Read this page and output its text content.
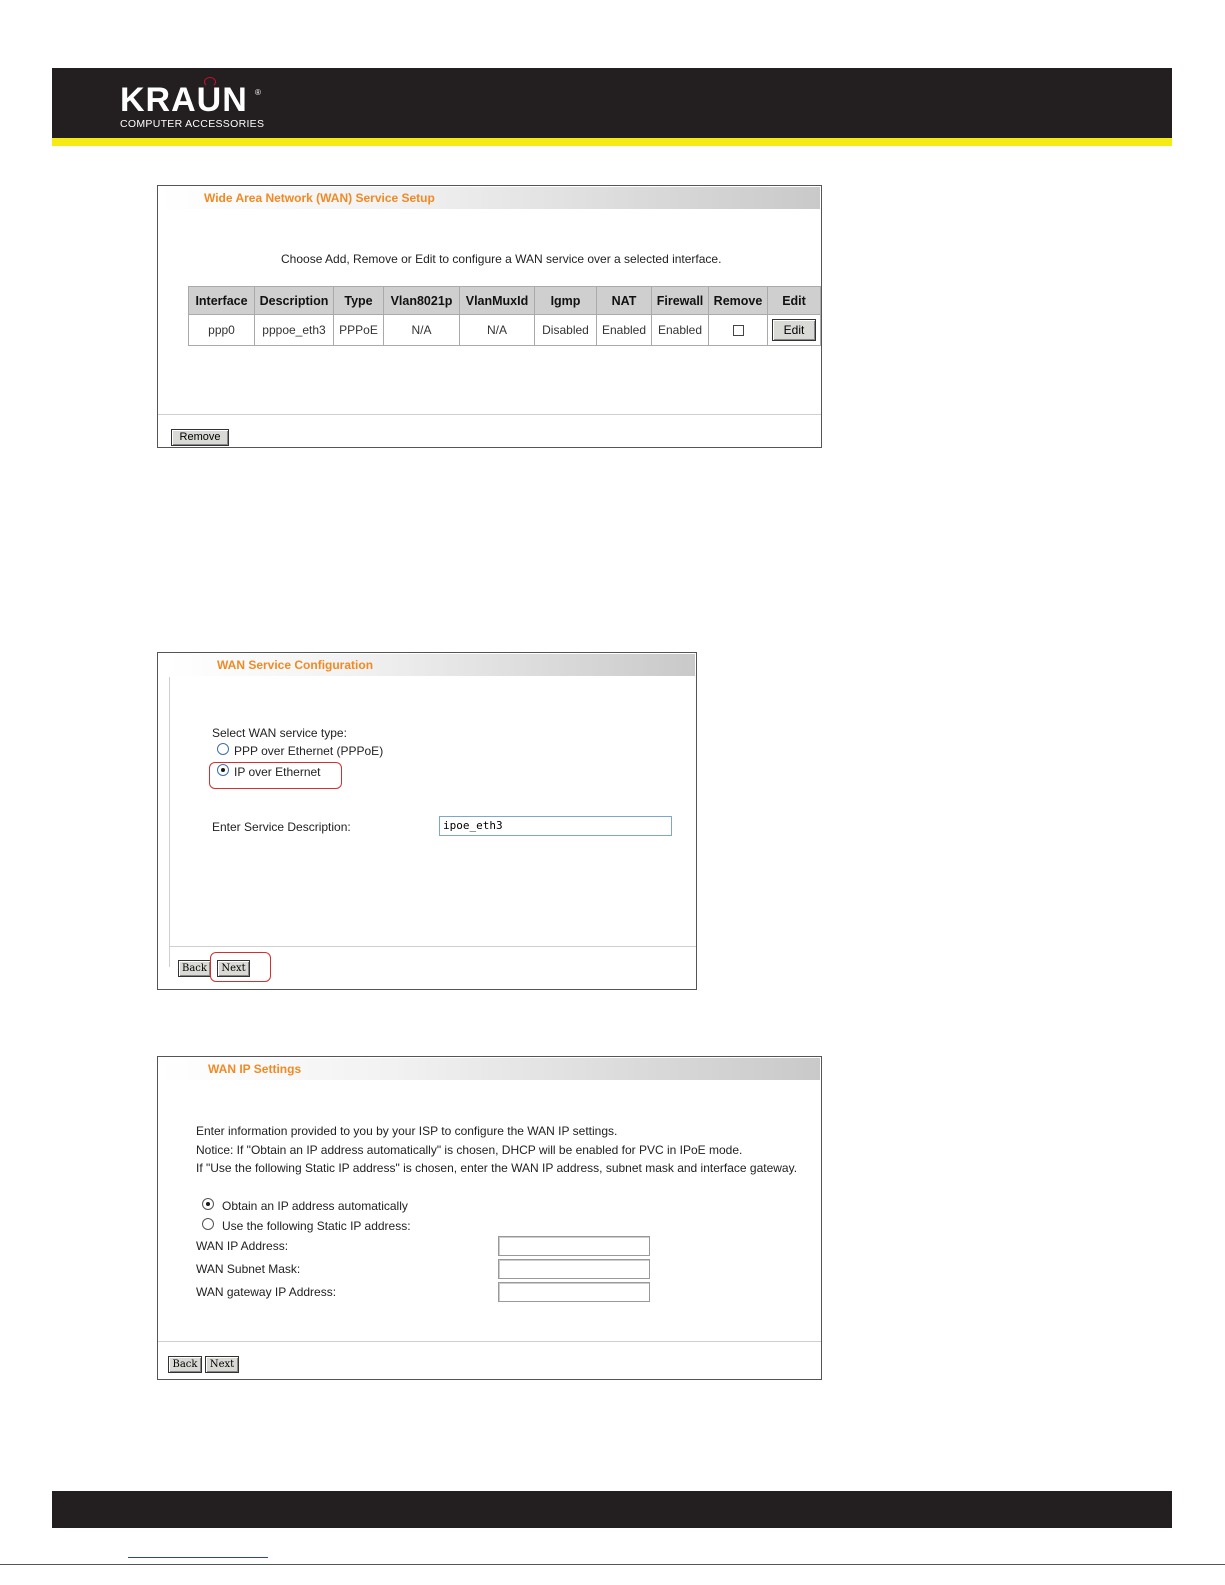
KRAUN ®
COMPUTER ACCESSORIES
Wide Area Network (WAN) Service Setup
Choose Add, Remove or Edit to configure a WAN service over a selected interface.
Interface	Description	Type	Vlan8021p	VlanMuxId	Igmp	NAT	Firewall	Remove	Edit
ppp0	pppoe_eth3	PPPoE	N/A	N/A	Disabled	Enabled	Enabled		Edit
Remove
WAN Service Configuration
Select WAN service type:
PPP over Ethernet (PPPoE)
IP over Ethernet
Enter Service Description:	ipoe_eth3
Back	Next
WAN IP Settings
Enter information provided to you by your ISP to configure the WAN IP settings.
Notice: If "Obtain an IP address automatically" is chosen, DHCP will be enabled for PVC in IPoE mode.
If "Use the following Static IP address" is chosen, enter the WAN IP address, subnet mask and interface gateway.
Obtain an IP address automatically
Use the following Static IP address:
WAN IP Address:
WAN Subnet Mask:
WAN gateway IP Address:
Back	Next
